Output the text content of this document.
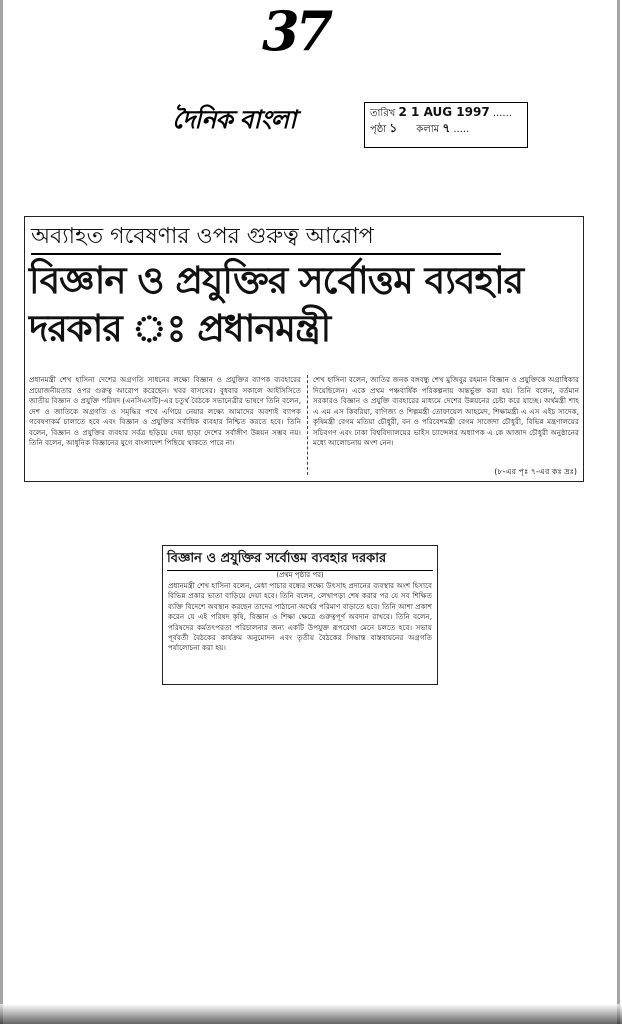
37
দৈনিক বাংলা	তারিখ 2 1 AUG 1997 ......
পৃষ্ঠা ১ কলাম ৭ .....
অব্যাহত গবেষণার ওপর গুরুত্ব আরোপ
বিজ্ঞান ও প্রযুক্তির সর্বোত্তম ব্যবহার
দরকার ঃ প্রধানমন্ত্রী
প্রধানমন্ত্রী শেখ হাসিনা দেশের অগ্রগতি সাধনের লক্ষ্যে বিজ্ঞান ও প্রযুক্তির ব্যাপক ব্যবহারের প্রয়োজনীয়তার ওপর গুরুত্ব আরোপ করেছেন। খবর বাসসের। বুধবার সকালে আইসিসিতে জাতীয় বিজ্ঞান ও প্রযুক্তি পরিষদ (এনসিএসটি)-এর চতুর্থ বৈঠকে সভানেত্রীর ভাষণে তিনি বলেন, দেশ ও জাতিকে অগ্রগতি ও সমৃদ্ধির পথে এগিয়ে নেয়ার লক্ষ্যে আমাদের অবশ্যই ব্যাপক গবেষণাকর্ম চালাতে হবে এবং বিজ্ঞান ও প্রযুক্তির সর্বাধিক ব্যবহার নিশ্চিত করতে হবে। তিনি বলেন, বিজ্ঞান ও প্রযুক্তির ব্যবহার সর্বত্র ছড়িয়ে দেয়া ছাড়া দেশের সর্বাঙ্গীণ উন্নয়ন সম্ভব নয়। তিনি বলেন, আধুনিক বিজ্ঞানের যুগে বাংলাদেশ পিছিয়ে থাকতে পারে না।
শেখ হাসিনা বলেন, জাতির জনক বঙ্গবন্ধু শেখ মুজিবুর রহমান বিজ্ঞান ও প্রযুক্তিকে অগ্রাধিকার দিয়েছিলেন। একে প্রথম পঞ্চবার্ষিক পরিকল্পনায় অন্তর্ভুক্ত করা হয়। তিনি বলেন, বর্তমান সরকারও বিজ্ঞান ও প্রযুক্তি ব্যবহারের মাধ্যমে দেশের উন্নয়নের চেষ্টা করে যাচ্ছে। অর্থমন্ত্রী শাহ এ এম এস কিবরিয়া, বাণিজ্য ও শিল্পমন্ত্রী তোফায়েল আহমেদ, শিক্ষামন্ত্রী এ এস এইচ সাদেক, কৃষিমন্ত্রী বেগম মতিয়া চৌধুরী, বন ও পরিবেশমন্ত্রী বেগম সাজেদা চৌধুরী, বিভিন্ন মন্ত্রণালয়ের সচিবগণ এবং ঢাকা বিশ্ববিদ্যালয়ের ভাইস চ্যান্সেলর অধ্যাপক এ কে আজাদ চৌধুরী অনুষ্ঠানের মধ্যে আলোচনায় অংশ নেন।
(৮-এর পৃঃ ৭-এর কঃ দ্রঃ)
বিজ্ঞান ও প্রযুক্তির সর্বোত্তম ব্যবহার দরকার
(প্রথম পৃষ্ঠার পর)
প্রধানমন্ত্রী শেখ হাসিনা বলেন, মেধা পাচার বন্ধের লক্ষ্যে উৎসাহ প্রদানের ব্যবস্থার অংশ হিসাবে বিভিন্ন প্রকার ভাতা বাড়িয়ে দেয়া হবে। তিনি বলেন, লেখাপড়া শেষ করার পর যে সব শিক্ষিত ব্যক্তি বিদেশে অবস্থান করছেন তাদের পাঠানো অর্থের পরিমাণ বাড়াতে হবে। তিনি আশা প্রকাশ করেন যে এই পরিষদ কৃষি, বিজ্ঞান ও শিক্ষা ক্ষেত্রে গুরুত্বপূর্ণ অবদান রাখবে। তিনি বলেন, পরিষদের কর্মতৎপরতা পরিচালনার জন্য একটি উপযুক্ত রূপরেখা মেনে চলতে হবে। সভায় পূর্ববর্তী বৈঠকের কার্যক্রম অনুমোদন এবং তৃতীয় বৈঠকের সিদ্ধান্ত বাস্তবায়নের অগ্রগতি পর্যালোচনা করা হয়।
